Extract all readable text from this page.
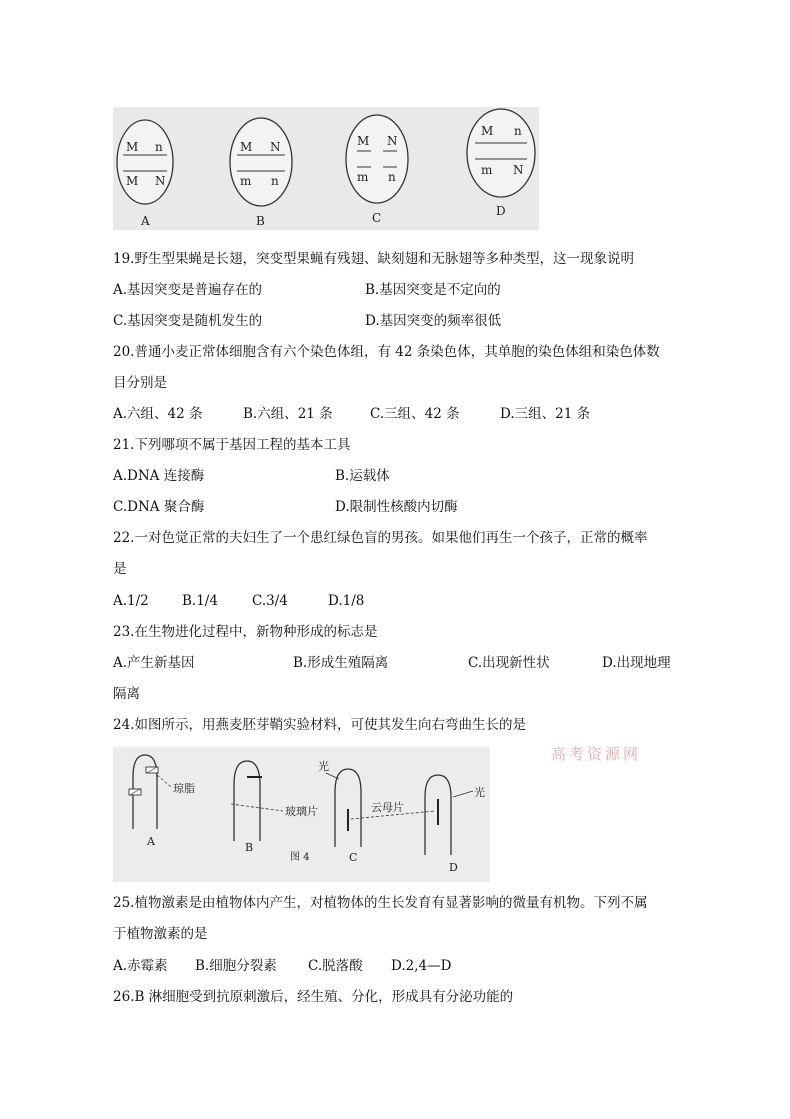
M n
M N
A
M N
m n
B
M N
m n
C
M n
m N
D
19.野生型果蝇是长翅，突变型果蝇有残翅、缺刻翅和无脉翅等多种类型，这一现象说明
A.基因突变是普遍存在的	B.基因突变是不定向的
C.基因突变是随机发生的	D.基因突变的频率很低
20.普通小麦正常体细胞含有六个染色体组，有 42 条染色体，其单胞的染色体组和染色体数
目分别是
A.六组、42 条	B.六组、21 条	C.三组、42 条	D.三组、21 条
21.下列哪项不属于基因工程的基本工具
A.DNA 连接酶	B.运载体
C.DNA 聚合酶	D.限制性核酸内切酶
22.一对色觉正常的夫妇生了一个患红绿色盲的男孩。如果他们再生一个孩子，正常的概率
是
A.1/2 B.1/4	C.3/4	D.1/8
23.在生物进化过程中，新物种形成的标志是
A.产生新基因	B.形成生殖隔离	C.出现新性状	D.出现地理
隔离
24.如图所示，用燕麦胚芽鞘实验材料，可使其发生向右弯曲生长的是
琼脂
A
玻璃片
B
光
云母片
C
光
D
图 4
高考资源网
25.植物激素是由植物体内产生，对植物体的生长发育有显著影响的微量有机物。下列不属
于植物激素的是
A.赤霉素 B.细胞分裂素 C.脱落酸 D.2,4—D
26.B 淋细胞受到抗原刺激后，经生殖、分化，形成具有分泌功能的
